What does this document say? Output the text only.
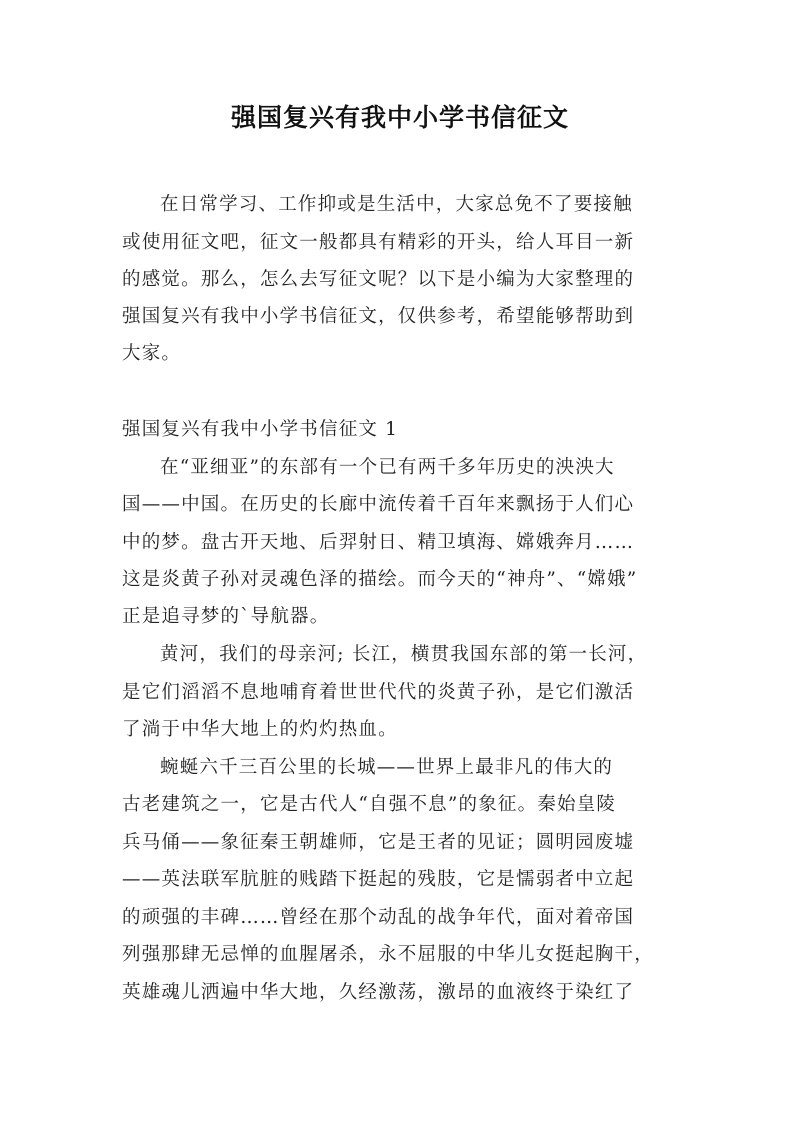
强国复兴有我中小学书信征文
在日常学习、工作抑或是生活中，大家总免不了要接触
或使用征文吧，征文一般都具有精彩的开头，给人耳目一新
的感觉。那么，怎么去写征文呢？以下是小编为大家整理的
强国复兴有我中小学书信征文，仅供参考，希望能够帮助到
大家。
强国复兴有我中小学书信征文 1
在“亚细亚”的东部有一个已有两千多年历史的泱泱大
国——中国。在历史的长廊中流传着千百年来飘扬于人们心
中的梦。盘古开天地、后羿射日、精卫填海、嫦娥奔月……
这是炎黄子孙对灵魂色泽的描绘。而今天的“神舟”、“嫦娥”
正是追寻梦的`导航器。
黄河，我们的母亲河; 长江，横贯我国东部的第一长河，
是它们滔滔不息地哺育着世世代代的炎黄子孙，是它们激活
了淌于中华大地上的灼灼热血。
蜿蜒六千三百公里的长城——世界上最非凡的伟大的
古老建筑之一，它是古代人“自强不息”的象征。秦始皇陵
兵马俑——象征秦王朝雄师，它是王者的见证；圆明园废墟
——英法联军肮脏的贱踏下挺起的残肢，它是懦弱者中立起
的顽强的丰碑……曾经在那个动乱的战争年代，面对着帝国
列强那肆无忌惮的血腥屠杀，永不屈服的中华儿女挺起胸干，
英雄魂儿洒遍中华大地，久经激荡，激昂的血液终于染红了
